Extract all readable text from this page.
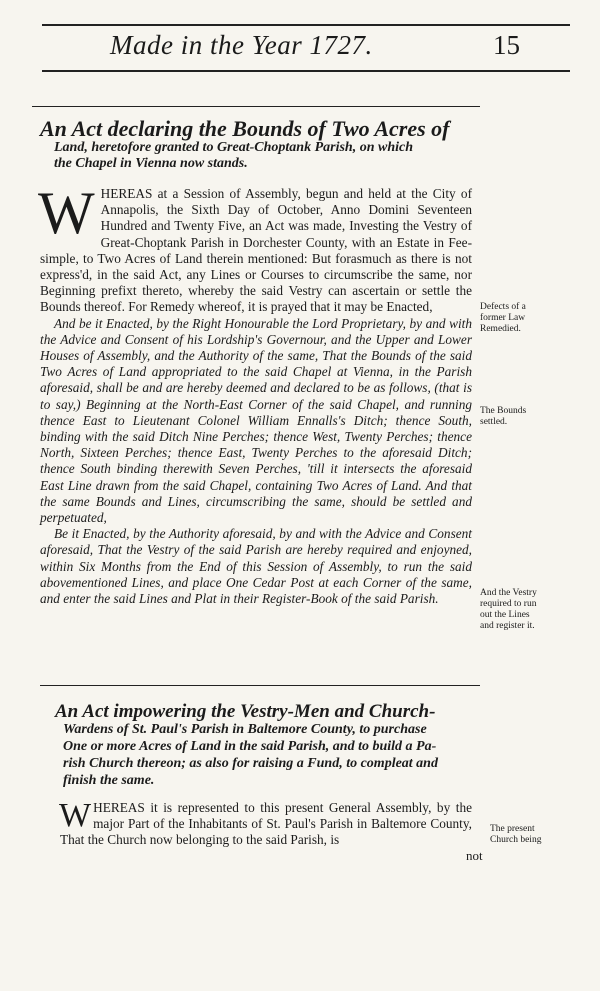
Made in the Year 1727.	15
An Act declaring the Bounds of Two Acres of
Land, heretofore granted to Great-Choptank Parish, on which
the Chapel in Vienna now stands.

WHEREAS at a Session of Assembly, begun and held at the City of Annapolis, the Sixth Day of October, Anno Domini Seventeen Hundred and Twenty Five, an Act was made, Investing the Vestry of Great-Choptank Parish in Dorchester County, with an Estate in Fee-simple, to Two Acres of Land therein mentioned: But forasmuch as there is not express'd, in the said Act, any Lines or Courses to circumscribe the same, nor Beginning prefixt thereto, whereby the said Vestry can ascertain or settle the Bounds thereof. For Remedy whereof, it is prayed that it may be Enacted,

And be it Enacted, by the Right Honourable the Lord Proprietary, by and with the Advice and Consent of his Lordship's Governour, and the Upper and Lower Houses of Assembly, and the Authority of the same, That the Bounds of the said Two Acres of Land appropriated to the said Chapel at Vienna, in the Parish aforesaid, shall be and are hereby deemed and declared to be as follows, (that is to say,) Beginning at the North-East Corner of the said Chapel, and running thence East to Lieutenant Colonel William Ennalls's Ditch; thence South, binding with the said Ditch Nine Perches; thence West, Twenty Perches; thence North, Sixteen Perches; thence East, Twenty Perches to the aforesaid Ditch; thence South binding therewith Seven Perches, 'till it intersects the aforesaid East Line drawn from the said Chapel, containing Two Acres of Land. And that the same Bounds and Lines, circumscribing the same, should be settled and perpetuated,

Be it Enacted, by the Authority aforesaid, by and with the Advice and Consent aforesaid, That the Vestry of the said Parish are hereby required and enjoyned, within Six Months from the End of this Session of Assembly, to run the said abovementioned Lines, and place One Cedar Post at each Corner of the same, and enter the said Lines and Plat in their Register-Book of the said Parish.

Defects of a former Law Remedied.
The Bounds settled.
And the Vestry required to run out the Lines and register it.
An Act impowering the Vestry-Men and Church-
Wardens of St. Paul's Parish in Baltemore County, to purchase
One or more Acres of Land in the said Parish, and to build a Pa-
rish Church thereon; as also for raising a Fund, to compleat and
finish the same.

WHEREAS it is represented to this present General Assembly, by the major Part of the Inhabitants of St. Paul's Parish in Baltemore County, That the Church now belonging to the said Parish, is

The present Church being
not
